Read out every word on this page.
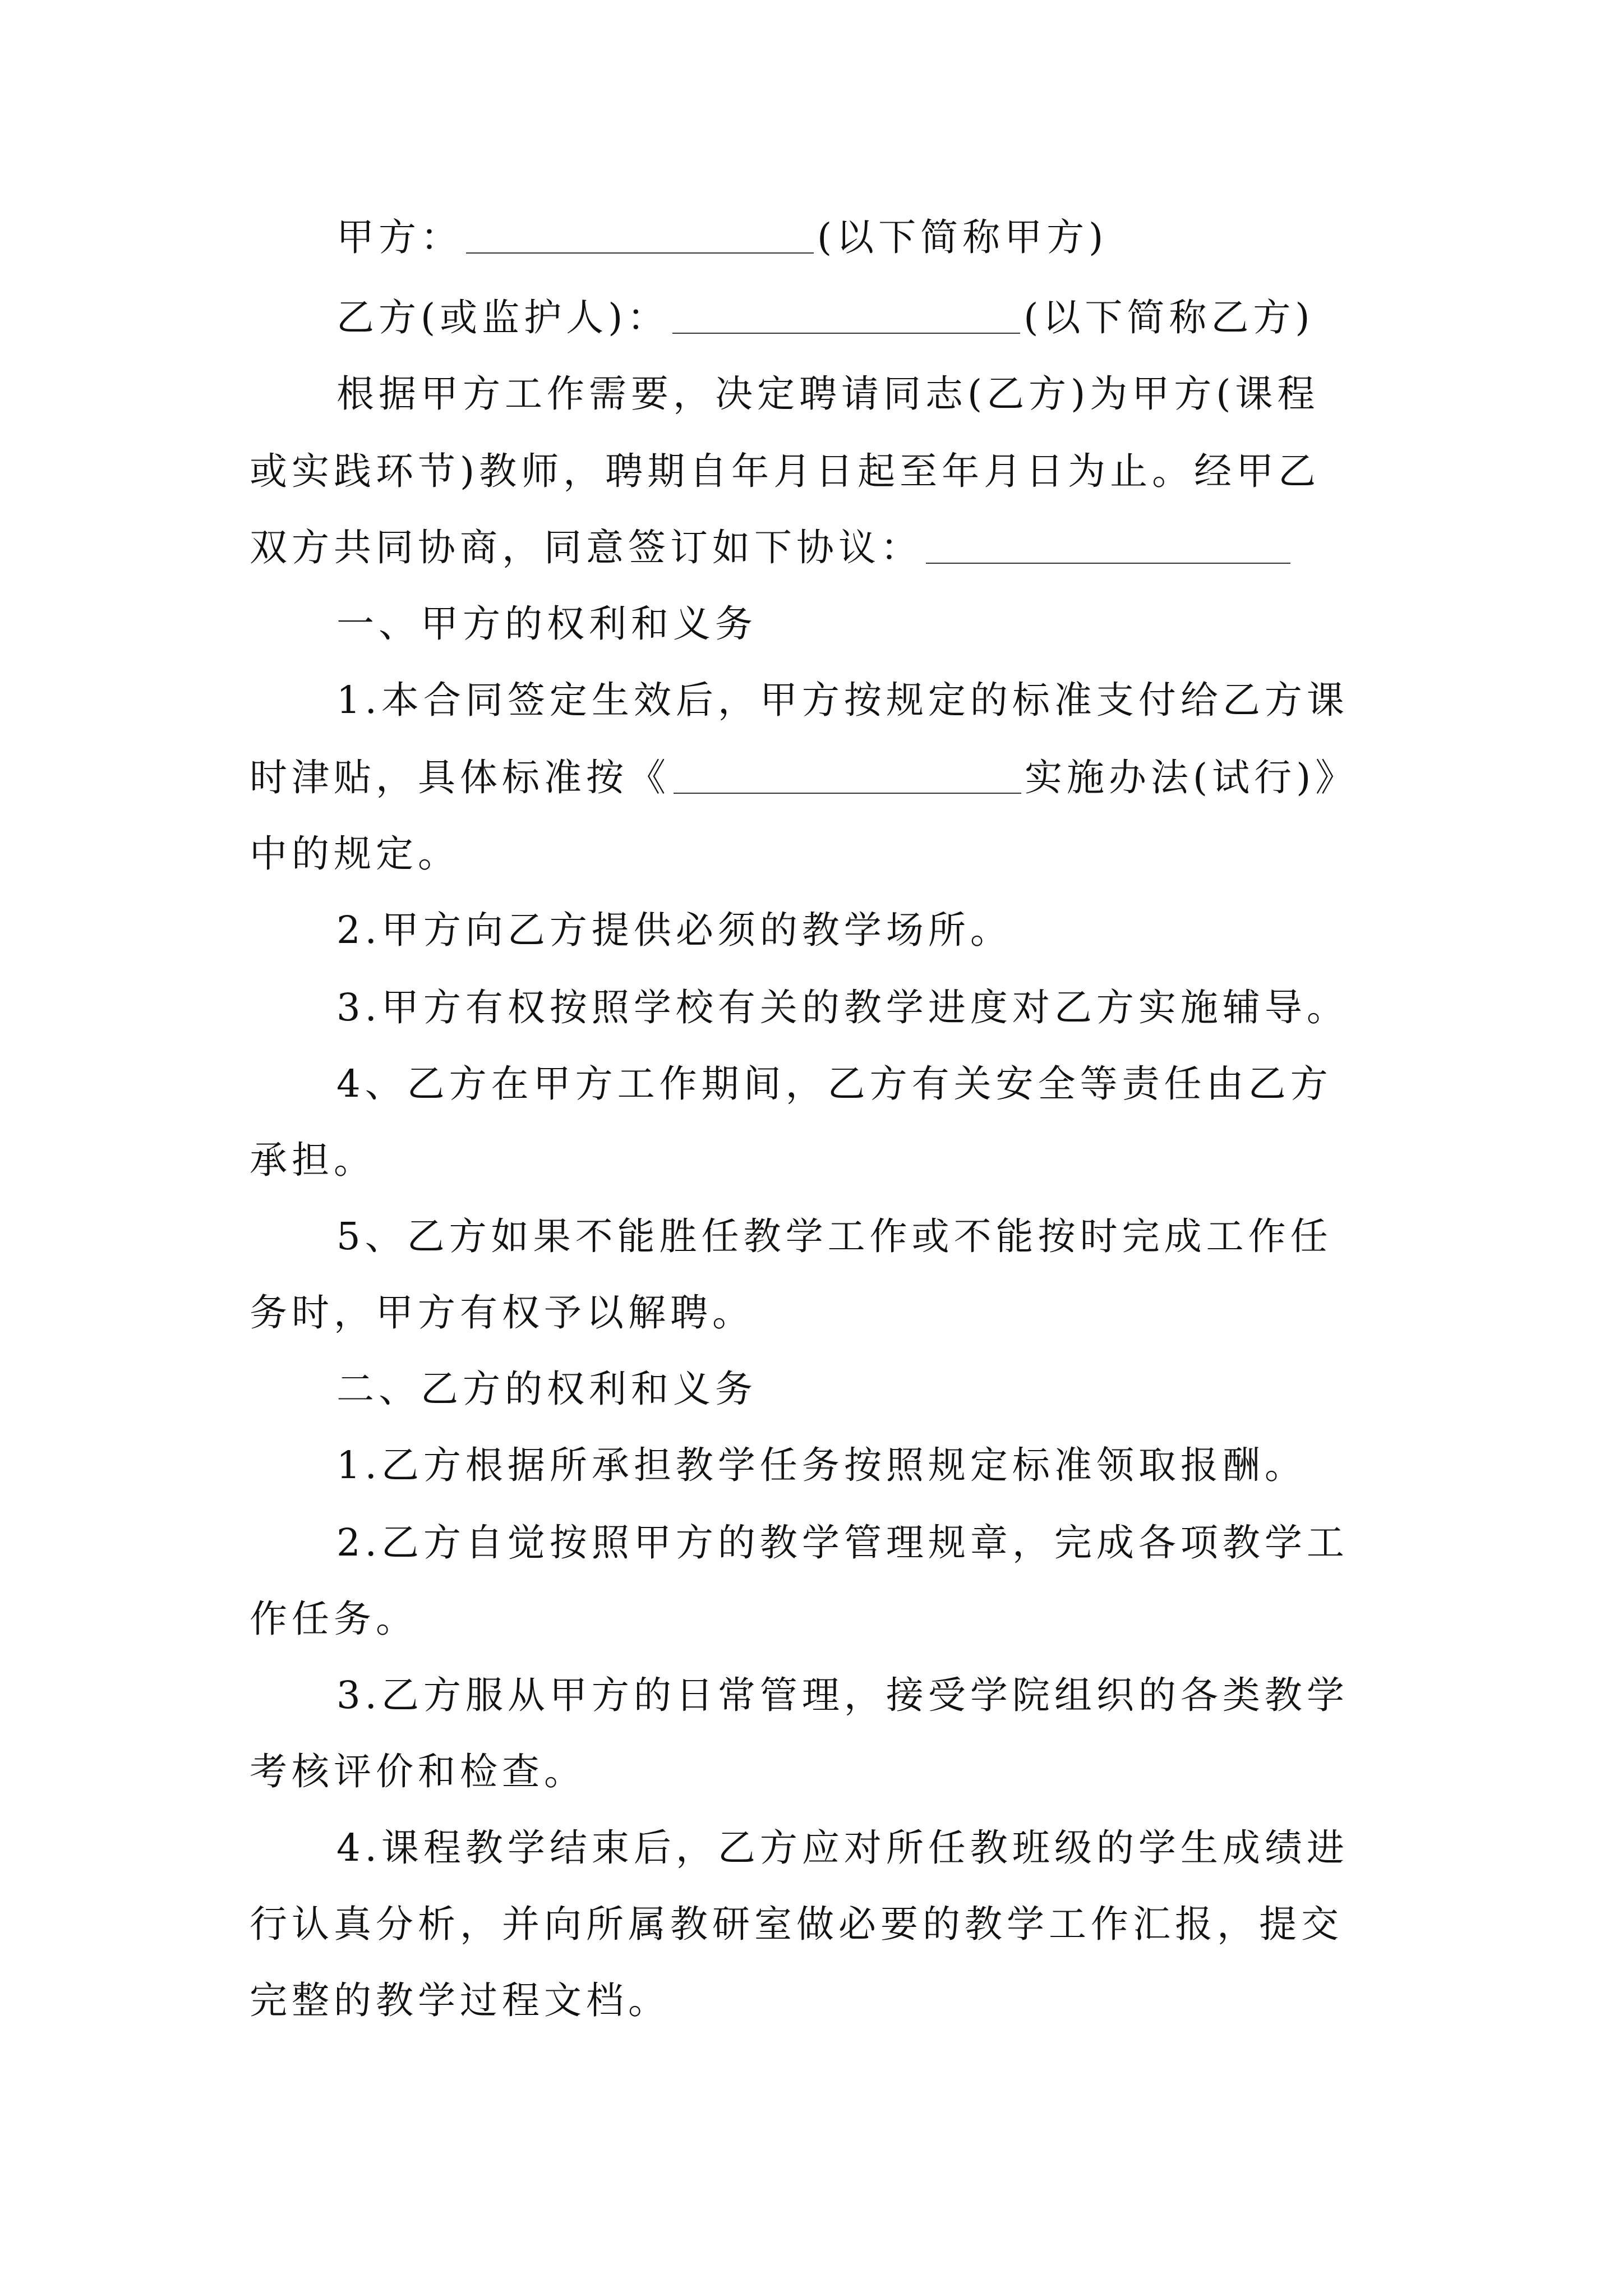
甲方：	(以下简称甲方)
乙方(或监护人)：	(以下简称乙方)
根据甲方工作需要，决定聘请同志(乙方)为甲方(课程
或实践环节)教师，聘期自年月日起至年月日为止。经甲乙
双方共同协商，同意签订如下协议：
一、甲方的权利和义务
1.本合同签定生效后，甲方按规定的标准支付给乙方课
时津贴，具体标准按《	实施办法(试行)》
中的规定。
2.甲方向乙方提供必须的教学场所。
3.甲方有权按照学校有关的教学进度对乙方实施辅导。
4、乙方在甲方工作期间，乙方有关安全等责任由乙方
承担。
5、乙方如果不能胜任教学工作或不能按时完成工作任
务时，甲方有权予以解聘。
二、乙方的权利和义务
1.乙方根据所承担教学任务按照规定标准领取报酬。
2.乙方自觉按照甲方的教学管理规章，完成各项教学工
作任务。
3.乙方服从甲方的日常管理，接受学院组织的各类教学
考核评价和检查。
4.课程教学结束后，乙方应对所任教班级的学生成绩进
行认真分析，并向所属教研室做必要的教学工作汇报，提交
完整的教学过程文档。
